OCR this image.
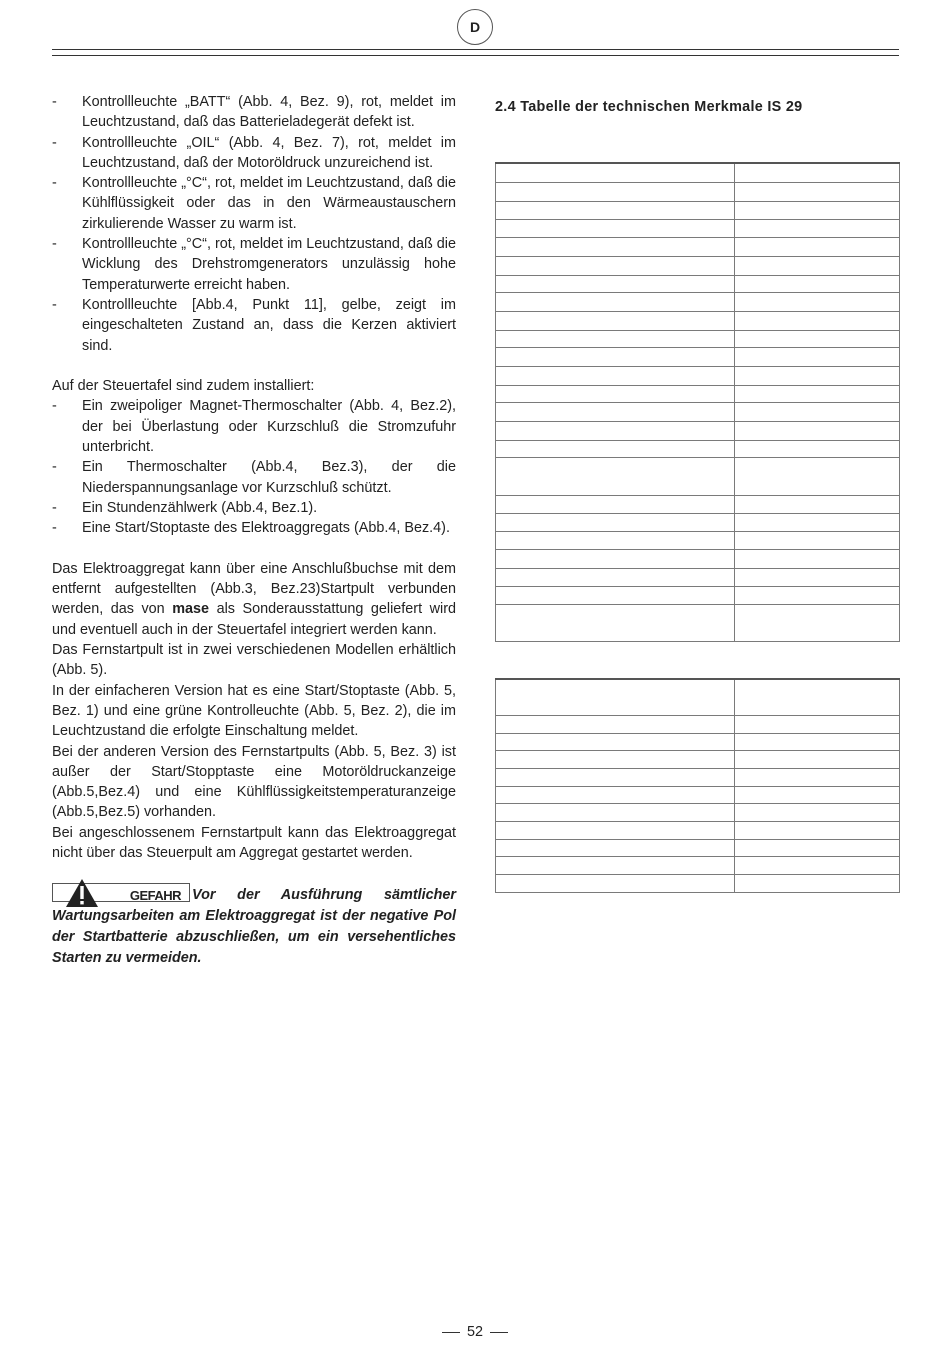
D
- Kontrollleuchte „BATT“ (Abb. 4, Bez. 9), rot, meldet im Leuchtzustand, daß das Batterieladegerät defekt ist.
- Kontrollleuchte „OIL“ (Abb. 4, Bez. 7), rot, meldet im Leuchtzustand, daß der Motoröldruck unzureichend ist.
- Kontrollleuchte „°C“, rot, meldet im Leuchtzustand, daß die Kühlflüssigkeit oder das in den Wärmeaustauschern zirkulierende Wasser zu warm ist.
- Kontrollleuchte „°C“, rot, meldet im Leuchtzustand, daß die Wicklung des Drehstromgenerators unzulässig hohe Temperaturwerte erreicht haben.
- Kontrollleuchte [Abb.4, Punkt 11], gelbe, zeigt im eingeschalteten Zustand an, dass die Kerzen aktiviert sind.

Auf der Steuertafel sind zudem installiert:

- Ein zweipoliger Magnet-Thermoschalter (Abb. 4, Bez.2), der bei Überlastung oder Kurzschluß die Stromzufuhr unterbricht.
- Ein Thermoschalter (Abb.4, Bez.3), der die Niederspannungsanlage vor Kurzschluß schützt.
- Ein Stundenzählwerk (Abb.4, Bez.1).
- Eine Start/Stoptaste des Elektroaggregats (Abb.4, Bez.4).

Das Elektroaggregat kann über eine Anschlußbuchse mit dem entfernt aufgestellten (Abb.3, Bez.23)Startpult verbunden werden, das von mase als Sonderausstattung geliefert wird und eventuell auch in der Steuertafel integriert werden kann.

Das Fernstartpult ist in zwei verschiedenen Modellen erhältlich (Abb. 5).

In der einfacheren Version hat es eine Start/Stoptaste (Abb. 5, Bez. 1) und eine grüne Kontrolleuchte (Abb. 5, Bez. 2), die im Leuchtzustand die erfolgte Einschaltung meldet.

Bei der anderen Version des Fernstartpults (Abb. 5, Bez. 3) ist außer der Start/Stopptaste eine Motoröldruckanzeige (Abb.5,Bez.4) und eine Kühlflüssigkeitstemperaturanzeige (Abb.5,Bez.5) vorhanden.

Bei angeschlossenem Fernstartpult kann das Elektroaggregat nicht über das Steuerpult am Aggregat gestartet werden.

GEFAHR Vor der Ausführung sämtlicher Wartungsarbeiten am Elektroaggregat ist der negative Pol der Startbatterie abzuschließen, um ein versehentliches Starten zu vermeiden.
2.4 Tabelle der technischen Merkmale IS 29

52
